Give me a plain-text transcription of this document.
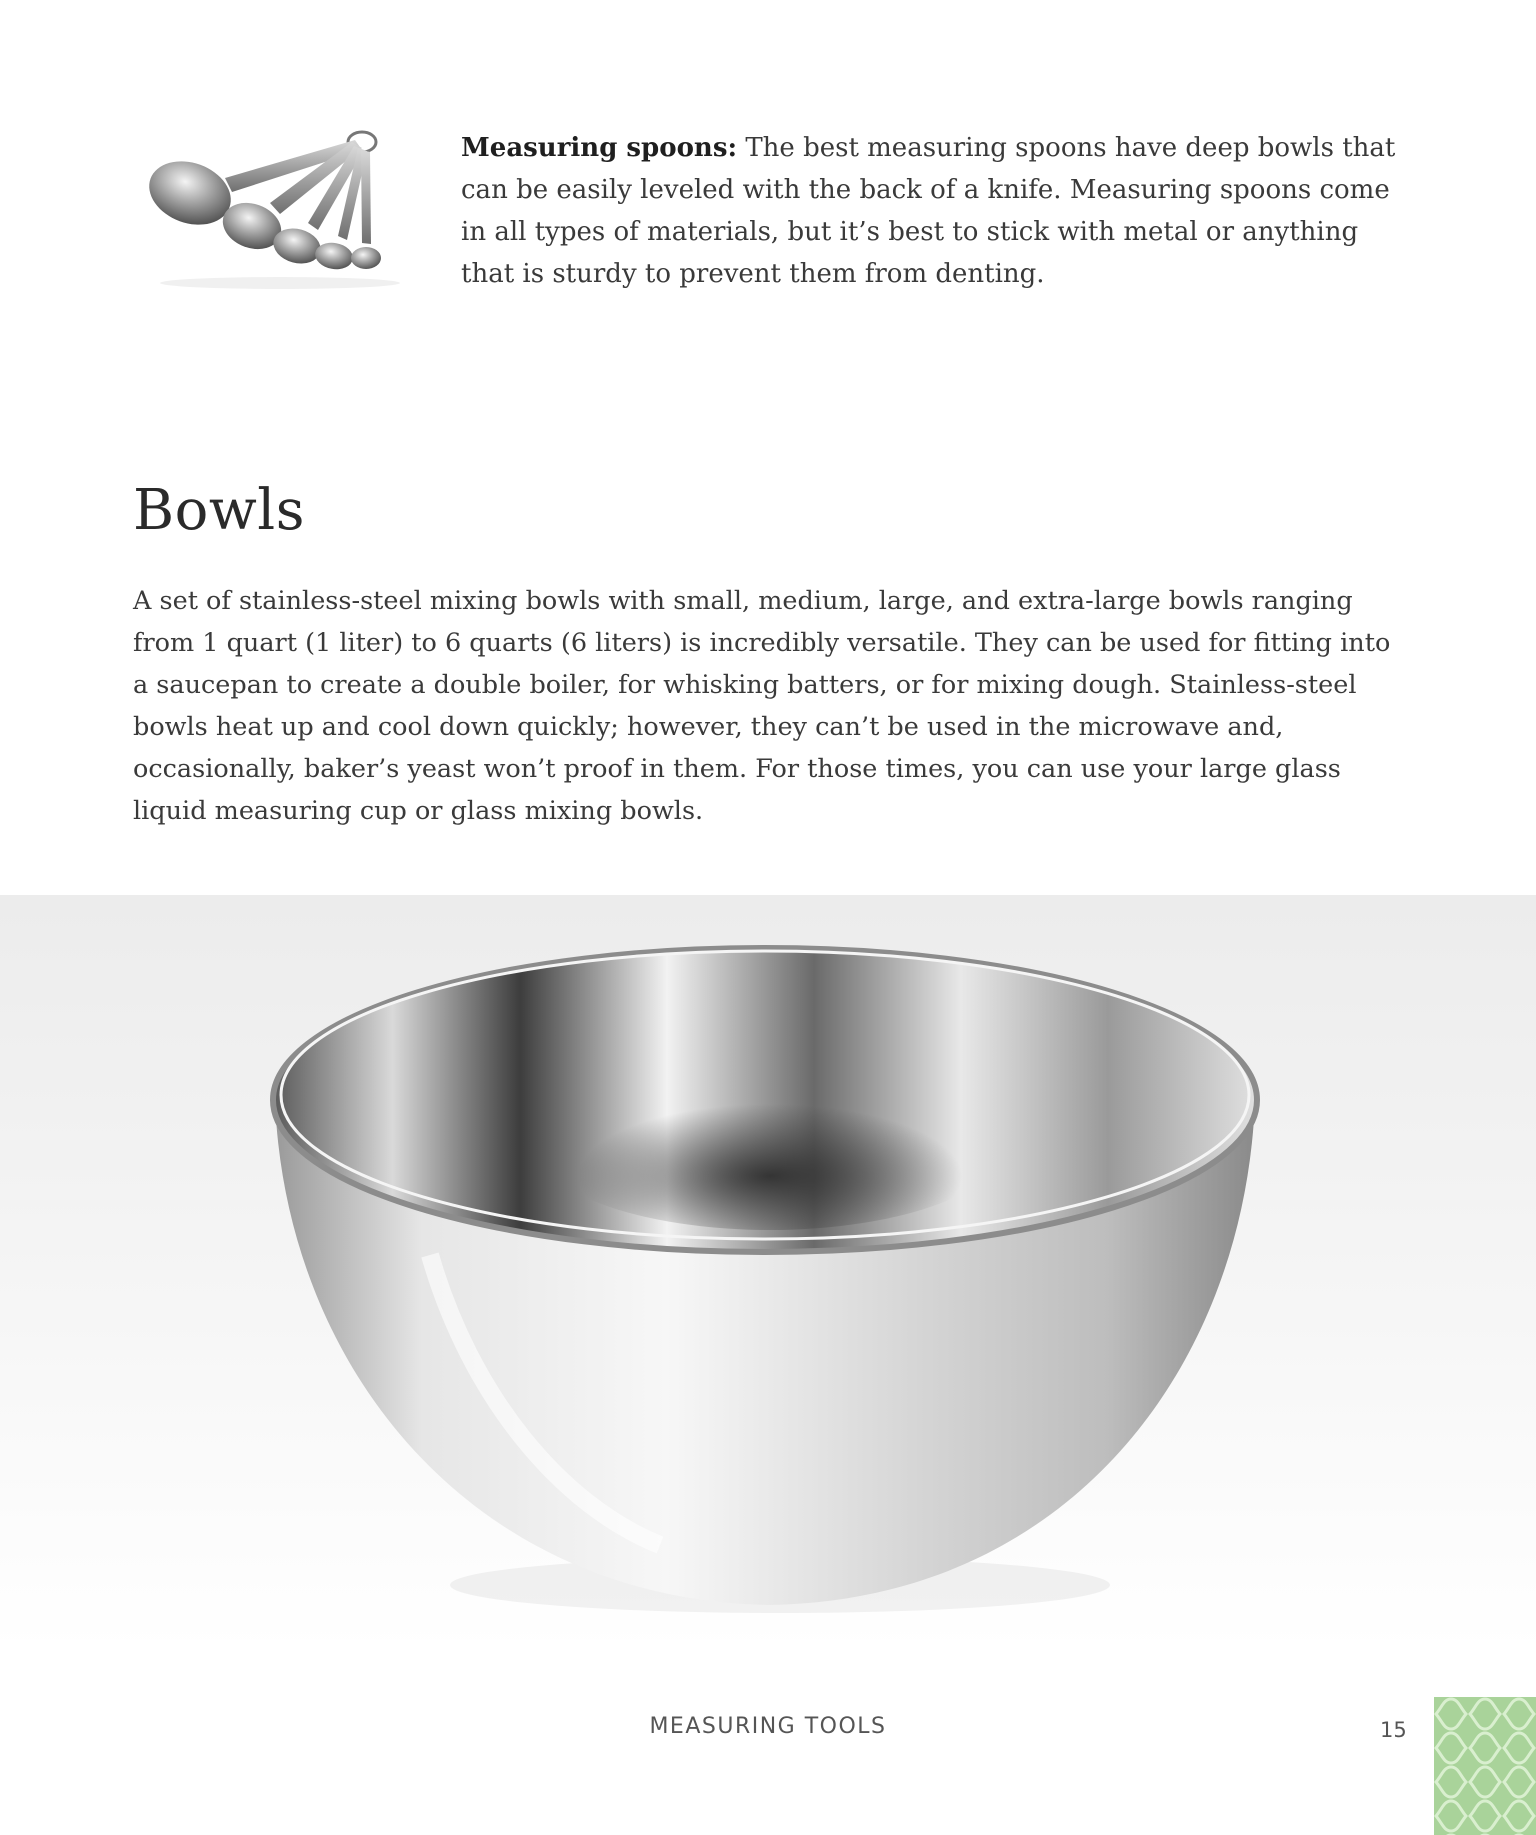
Measuring spoons: The best measuring spoons have deep bowls that can be easily leveled with the back of a knife. Measuring spoons come in all types of materials, but it’s best to stick with metal or anything that is sturdy to prevent them from denting.

Bowls

A set of stainless-steel mixing bowls with small, medium, large, and extra-large bowls ranging from 1 quart (1 liter) to 6 quarts (6 liters) is incredibly versatile. They can be used for fitting into a saucepan to create a double boiler, for whisking batters, or for mixing dough. Stainless-steel bowls heat up and cool down quickly; however, they can’t be used in the microwave and, occasionally, baker’s yeast won’t proof in them. For those times, you can use your large glass liquid measuring cup or glass mixing bowls.

MEASURING TOOLS	15
